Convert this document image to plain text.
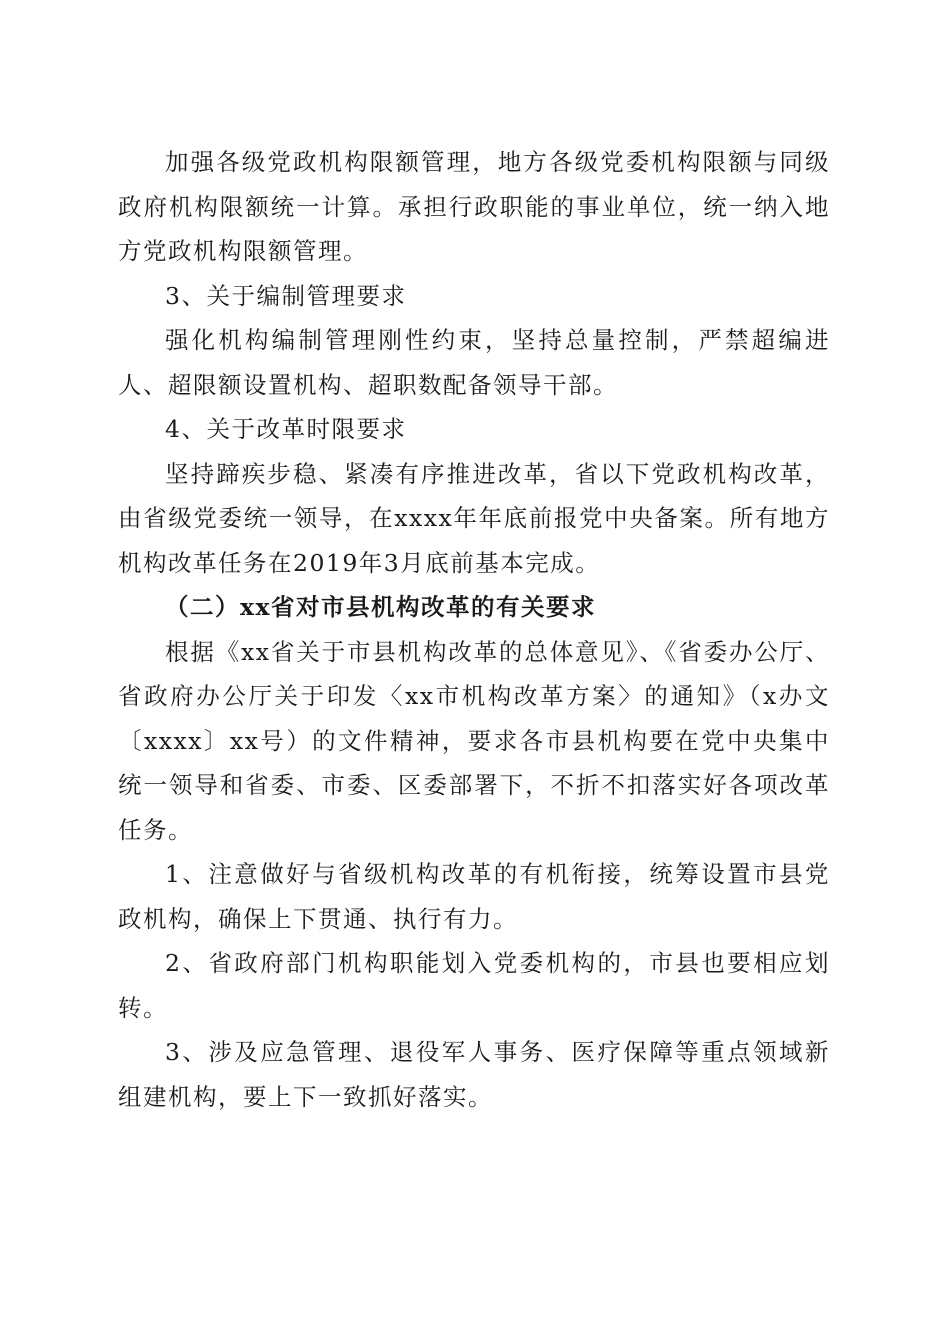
加强各级党政机构限额管理，地方各级党委机构限额与同级政府机构限额统一计算。承担行政职能的事业单位，统一纳入地方党政机构限额管理。

3、关于编制管理要求

强化机构编制管理刚性约束，坚持总量控制，严禁超编进人、超限额设置机构、超职数配备领导干部。

4、关于改革时限要求

坚持蹄疾步稳、紧凑有序推进改革，省以下党政机构改革，由省级党委统一领导，在xxxx年年底前报党中央备案。所有地方机构改革任务在2019年3月底前基本完成。

（二）xx省对市县机构改革的有关要求

根据《xx省关于市县机构改革的总体意见》、《省委办公厅、省政府办公厅关于印发〈xx市机构改革方案〉的通知》（x办文〔xxxx〕xx号）的文件精神，要求各市县机构要在党中央集中统一领导和省委、市委、区委部署下，不折不扣落实好各项改革任务。

1、注意做好与省级机构改革的有机衔接，统筹设置市县党政机构，确保上下贯通、执行有力。

2、省政府部门机构职能划入党委机构的，市县也要相应划转。

3、涉及应急管理、退役军人事务、医疗保障等重点领域新组建机构，要上下一致抓好落实。
